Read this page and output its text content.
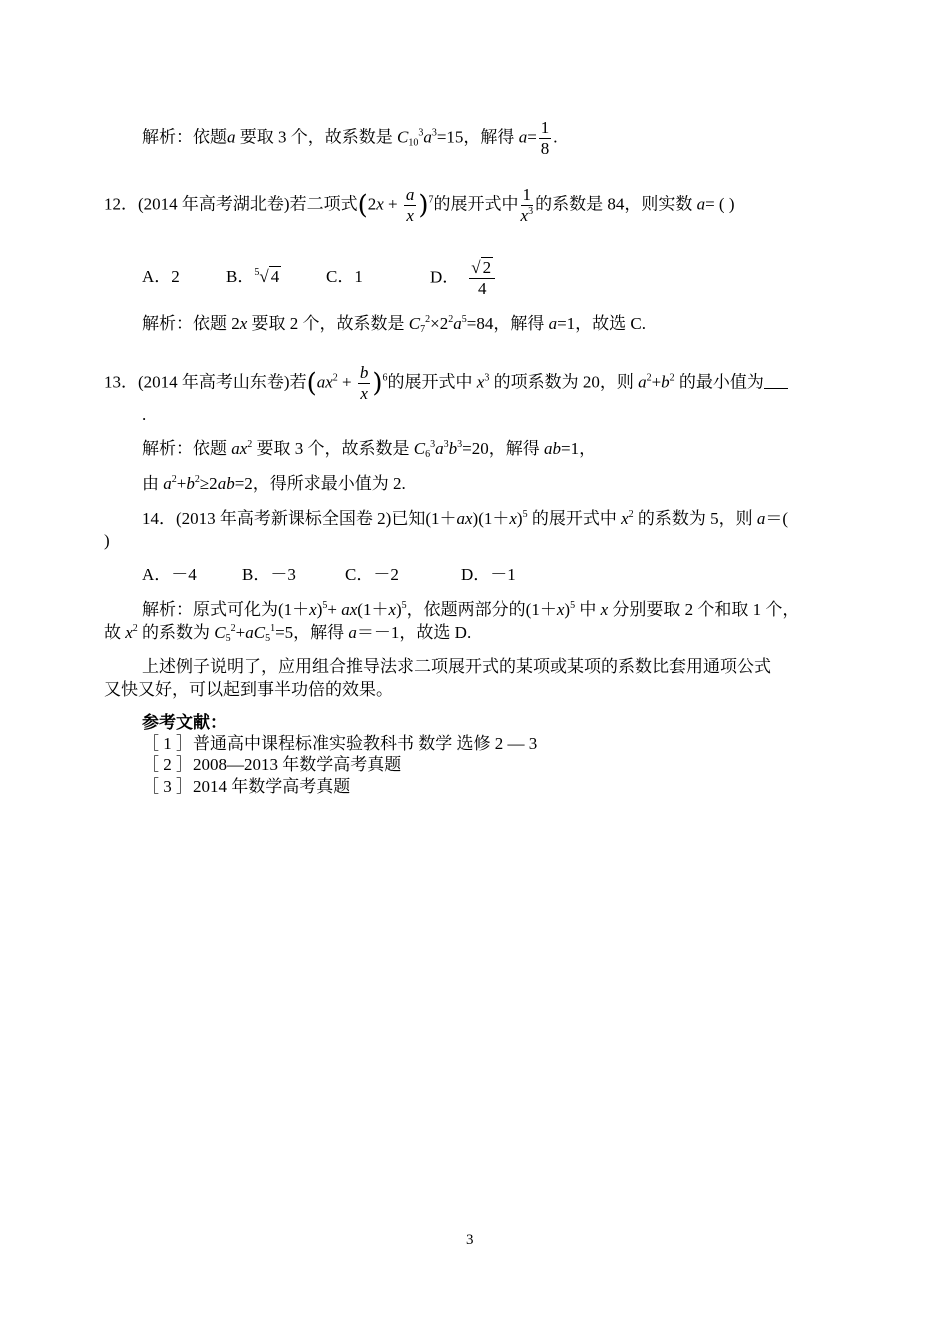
解析：依题a 要取 3 个，故系数是 $C_{10}^3a^3=15$，解得 $a= \frac{1}{8}$ .
12．(2014 年高考湖北卷)若二项式$(2x + \frac{a}{x} )^7$的展开式中 $\frac{1}{x^3}$ 的系数是 84，则实数 a= ( )
A．2	B．$^5$√ 4	C．1	D． $\frac{√ 2}{4}$
解析：依题 2x 要取 2 个，故系数是 $C_7^2\times 2^2a^5=84$，解得 a=1，故选 C.
13．(2014 年高考山东卷)若$(ax^2 + \frac{b}{x} )^6$的展开式中 $x^3$ 的项系数为 20，则 $a^2+b^2$ 的最小值为
.
解析：依题 $ax^2$ 要取 3 个，故系数是 $C_6^3a^3b^3=20$，解得 ab=1，
由 $a^2+b^2\ge 2ab=2$，得所求最小值为 2.
14．(2013 年高考新课标全国卷 2)已知$(1+ax)(1+x)^5$ 的展开式中 $x^2$ 的系数为 5，则 a＝(
)
A．－4	B．－3	C．－2	D．－1
解析：原式可化为$(1+x)^5+ ax(1+x)^5$，依题两部分的$(1+x)^5$ 中 x 分别要取 2 个和取 1 个，
故 $x^2$ 的系数为 $C_5^2+aC_5^1=5$，解得 a＝－1，故选 D.
上述例子说明了，应用组合推导法求二项展开式的某项或某项的系数比套用通项公式
又快又好，可以起到事半功倍的效果。
参考文献：
［ 1 ］普通高中课程标准实验教科书 数学 选修 2 — 3
［ 2 ］2008—2013 年数学高考真题
［ 3 ］2014 年数学高考真题
3
